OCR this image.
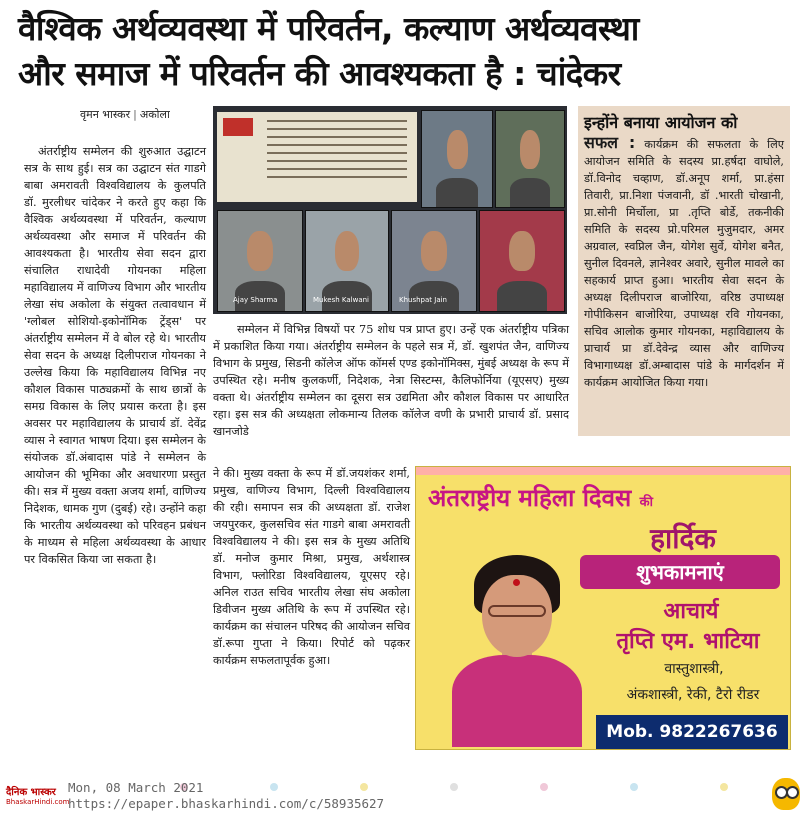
वैश्विक अर्थव्यवस्था में परिवर्तन, कल्याण अर्थव्यवस्था
और समाज में परिवर्तन की आवश्यकता है : चांदेकर
वृमन भास्कर | अकोला

अंतर्राष्ट्रीय सम्मेलन की शुरुआत उद्घाटन सत्र के साथ हुई। सत्र का उद्घाटन संत गाडगे बाबा अमरावती विश्वविद्यालय के कुलपति डॉ. मुरलीधर चांदेकर ने करते हुए कहा कि वैश्विक अर्थव्यवस्था में परिवर्तन, कल्याण अर्थव्यवस्था और समाज में परिवर्तन की आवश्यकता है। भारतीय सेवा सदन द्वारा संचालित राधादेवी गोयनका महिला महाविद्यालय में वाणिज्य विभाग और भारतीय लेखा संघ अकोला के संयुक्त तत्वावधान में 'ग्लोबल सोशियो-इकोनॉमिक ट्रेंड्स' पर अंतर्राष्ट्रीय सम्मेलन में वे बोल रहे थे। भारतीय सेवा सदन के अध्यक्ष दिलीपराज गोयनका ने उल्लेख किया कि महाविद्यालय विभिन्न नए कौशल विकास पाठ्यक्रमों के साथ छात्रों के समग्र विकास के लिए प्रयास करता है। इस अवसर पर महाविद्यालय के प्राचार्य डॉ. देवेंद्र व्यास ने स्वागत भाषण दिया। इस सम्मेलन के संयोजक डॉ.अंबादास पांडे ने सम्मेलन के आयोजन की भूमिका और अवधारणा प्रस्तुत की। सत्र में मुख्य वक्ता अजय शर्मा, वाणिज्य निदेशक, धामक गुण (दुबई) रहे। उन्होंने कहा कि भारतीय अर्थव्यवस्था को परिवहन प्रबंधन के माध्यम से महिला अर्थव्यवस्था के आधार पर विकसित किया जा सकता है।

Ajay Sharma	Mukesh Kalwani	Khushpat Jain

सम्मेलन में विभिन्न विषयों पर 75 शोध पत्र प्राप्त हुए। उन्हें एक अंतर्राष्ट्रीय पत्रिका में प्रकाशित किया गया। अंतर्राष्ट्रीय सम्मेलन के पहले सत्र में, डॉ. खुशपंत जैन, वाणिज्य विभाग के प्रमुख, सिडनी कॉलेज ऑफ कॉमर्स एण्ड इकोनॉमिक्स, मुंबई अध्यक्ष के रूप में उपस्थित रहे। मनीष कुलकर्णी, निदेशक, नेत्रा सिस्टम्स, कैलिफोर्निया (यूएसए) मुख्य वक्ता थे। अंतर्राष्ट्रीय सम्मेलन का दूसरा सत्र उद्यमिता और कौशल विकास पर आधारित रहा। इस सत्र की अध्यक्षता लोकमान्य तिलक कॉलेज वणी के प्रभारी प्राचार्य डॉ. प्रसाद खानजोडे

ने की। मुख्य वक्ता के रूप में डॉ.जयशंकर शर्मा, प्रमुख, वाणिज्य विभाग, दिल्ली विश्वविद्यालय की रही। समापन सत्र की अध्यक्षता डॉ. राजेश जयपुरकर, कुलसचिव संत गाडगे बाबा अमरावती विश्वविद्यालय ने की। इस सत्र के मुख्य अतिथि डॉ. मनोज कुमार मिश्रा, प्रमुख, अर्थशास्त्र विभाग, फ्लोरिडा विश्वविद्यालय, यूएसए रहे। अनिल राउत सचिव भारतीय लेखा संघ अकोला डिवीजन मुख्य अतिथि के रूप में उपस्थित रहे। कार्यक्रम का संचालन परिषद की आयोजन सचिव डॉ.रूपा गुप्ता ने किया। रिपोर्ट को पढ़कर कार्यक्रम सफलतापूर्वक हुआ।

इन्होंने बनाया आयोजन को
सफल : कार्यक्रम की सफलता के लिए आयोजन समिति के सदस्य प्रा.हर्षदा वाघोले, डॉ.विनोद चव्हाण, डॉ.अनूप शर्मा, प्रा.हंसा तिवारी, प्रा.निशा पंजवानी, डॉ .भारती चोखानी, प्रा.सोनी मिर्चोला, प्रा .तृप्ति बोर्डे, तकनीकी समिति के सदस्य प्रो.परिमल मुजुमदार, अमर अग्रवाल, स्वप्निल जैन, योगेश सुर्वे, योगेश बनैत, सुनील दिवनले, ज्ञानेश्वर अवारे, सुनील मावले का सहकार्य प्राप्त हुआ। भारतीय सेवा सदन के अध्यक्ष दिलीपराज बाजोरिया, वरिष्ठ उपाध्यक्ष गोपीकिसन बाजोरिया, उपाध्यक्ष रवि गोयनका, सचिव आलोक कुमार गोयनका, महाविद्यालय के प्राचार्य प्रा डॉ.देवेन्द्र व्यास और वाणिज्य विभागाध्यक्ष डॉ.अम्बादास पांडे के मार्गदर्शन में कार्यक्रम आयोजित किया गया।
अंतराष्ट्रीय महिला दिवस की
हार्दिक
शुभकामनाएं
आचार्य
तृप्ति एम. भाटिया
वास्तुशास्त्री,
अंकशास्त्री, रेकी, टैरो रीडर
Mob. 9822267636
दैनिक भास्कर
BhaskarHindi.com
Mon, 08 March 2021
https://epaper.bhaskarhindi.com/c/58935627
